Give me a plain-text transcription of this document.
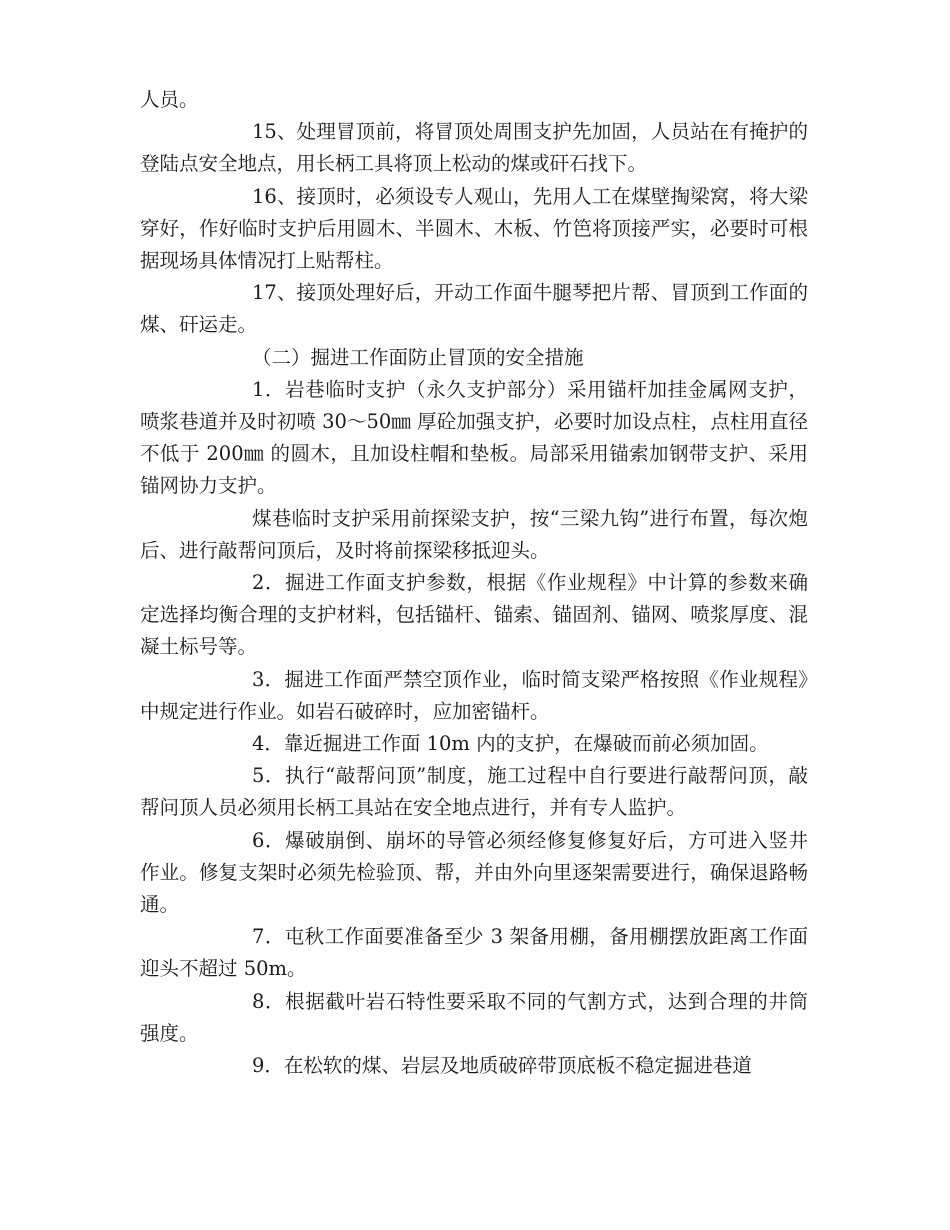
人员。

15、处理冒顶前，将冒顶处周围支护先加固，人员站在有掩护的登陆点安全地点，用长柄工具将顶上松动的煤或矸石找下。

16、接顶时，必须设专人观山，先用人工在煤壁掏梁窝，将大梁穿好，作好临时支护后用圆木、半圆木、木板、竹笆将顶接严实，必要时可根据现场具体情况打上贴帮柱。

17、接顶处理好后，开动工作面牛腿琴把片帮、冒顶到工作面的煤、矸运走。

（二）掘进工作面防止冒顶的安全措施

1．岩巷临时支护（永久支护部分）采用锚杆加挂金属网支护，喷浆巷道并及时初喷 30～50㎜ 厚砼加强支护，必要时加设点柱，点柱用直径不低于 200㎜ 的圆木，且加设柱帽和垫板。局部采用锚索加钢带支护、采用锚网协力支护。

煤巷临时支护采用前探梁支护，按“三梁九钩”进行布置，每次炮后、进行敲帮问顶后，及时将前探梁移抵迎头。

2．掘进工作面支护参数，根据《作业规程》中计算的参数来确定选择均衡合理的支护材料，包括锚杆、锚索、锚固剂、锚网、喷浆厚度、混凝土标号等。

3．掘进工作面严禁空顶作业，临时简支梁严格按照《作业规程》中规定进行作业。如岩石破碎时，应加密锚杆。

4．靠近掘进工作面 10m 内的支护，在爆破而前必须加固。

5．执行“敲帮问顶”制度，施工过程中自行要进行敲帮问顶，敲帮问顶人员必须用长柄工具站在安全地点进行，并有专人监护。

6．爆破崩倒、崩坏的导管必须经修复修复好后，方可进入竖井作业。修复支架时必须先检验顶、帮，并由外向里逐架需要进行，确保退路畅通。

7．屯秋工作面要准备至少 3 架备用棚，备用棚摆放距离工作面迎头不超过 50m。

8．根据截叶岩石特性要采取不同的气割方式，达到合理的井筒强度。

9．在松软的煤、岩层及地质破碎带顶底板不稳定掘进巷道
